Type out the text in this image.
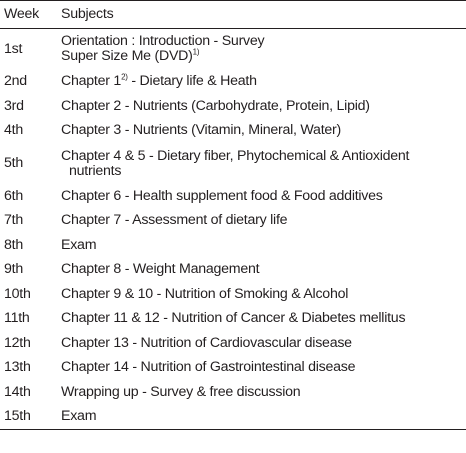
Week	Subjects
1st	Orientation : Introduction - Survey
Super Size Me (DVD)$^{1)}$

2nd	Chapter 1$^{2)}$ - Dietary life & Heath
3rd	Chapter 2 - Nutrients (Carbohydrate, Protein, Lipid)
4th	Chapter 3 - Nutrients (Vitamin, Mineral, Water)
5th	Chapter 4 & 5 - Dietary fiber, Phytochemical & Antioxident
nutrients

6th	Chapter 6 - Health supplement food & Food additives
7th	Chapter 7 - Assessment of dietary life
8th	Exam
9th	Chapter 8 - Weight Management
10th	Chapter 9 & 10 - Nutrition of Smoking & Alcohol
11th	Chapter 11 & 12 - Nutrition of Cancer & Diabetes mellitus
12th	Chapter 13 - Nutrition of Cardiovascular disease
13th	Chapter 14 - Nutrition of Gastrointestinal disease
14th	Wrapping up - Survey & free discussion
15th	Exam
